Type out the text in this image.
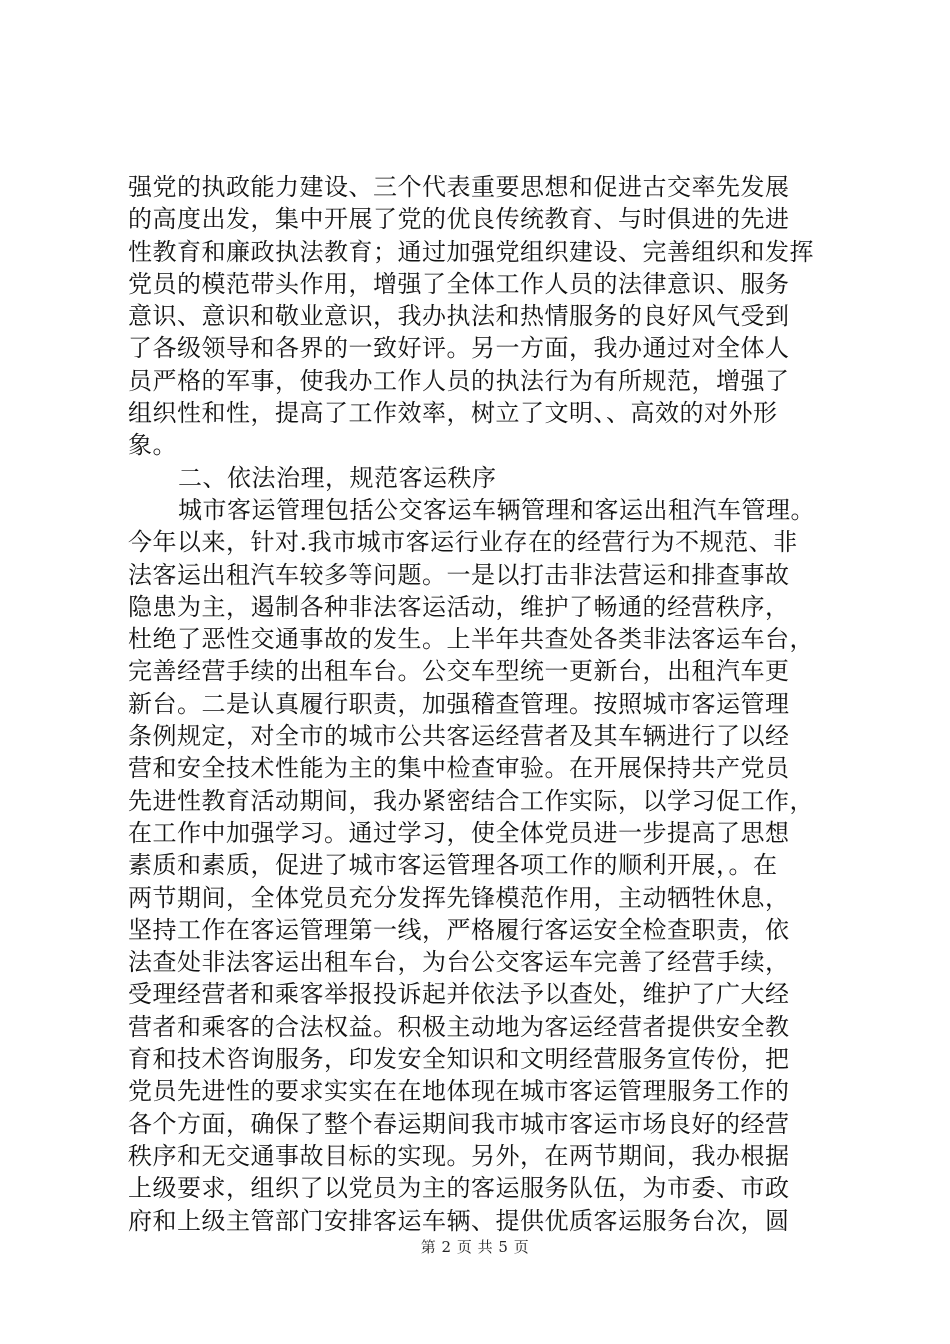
强党的执政能力建设、三个代表重要思想和促进古交率先发展
的高度出发，集中开展了党的优良传统教育、与时俱进的先进
性教育和廉政执法教育；通过加强党组织建设、完善组织和发挥
党员的模范带头作用，增强了全体工作人员的法律意识、服务
意识、意识和敬业意识，我办执法和热情服务的良好风气受到
了各级领导和各界的一致好评。另一方面，我办通过对全体人
员严格的军事，使我办工作人员的执法行为有所规范，增强了
组织性和性，提高了工作效率，树立了文明、、高效的对外形
象。
二、依法治理，规范客运秩序
城市客运管理包括公交客运车辆管理和客运出租汽车管理。
今年以来，针对.我市城市客运行业存在的经营行为不规范、非
法客运出租汽车较多等问题。一是以打击非法营运和排查事故
隐患为主，遏制各种非法客运活动，维护了畅通的经营秩序，
杜绝了恶性交通事故的发生。上半年共查处各类非法客运车台，
完善经营手续的出租车台。公交车型统一更新台，出租汽车更
新台。二是认真履行职责，加强稽查管理。按照城市客运管理
条例规定，对全市的城市公共客运经营者及其车辆进行了以经
营和安全技术性能为主的集中检查审验。在开展保持共产党员
先进性教育活动期间，我办紧密结合工作实际，以学习促工作，
在工作中加强学习。通过学习，使全体党员进一步提高了思想
素质和素质，促进了城市客运管理各项工作的顺利开展，。在
两节期间，全体党员充分发挥先锋模范作用，主动牺牲休息，
坚持工作在客运管理第一线，严格履行客运安全检查职责，依
法查处非法客运出租车台，为台公交客运车完善了经营手续，
受理经营者和乘客举报投诉起并依法予以查处，维护了广大经
营者和乘客的合法权益。积极主动地为客运经营者提供安全教
育和技术咨询服务，印发安全知识和文明经营服务宣传份，把
党员先进性的要求实实在在地体现在城市客运管理服务工作的
各个方面，确保了整个春运期间我市城市客运市场良好的经营
秩序和无交通事故目标的实现。另外，在两节期间，我办根据
上级要求，组织了以党员为主的客运服务队伍，为市委、市政
府和上级主管部门安排客运车辆、提供优质客运服务台次，圆
第 2 页 共 5 页
